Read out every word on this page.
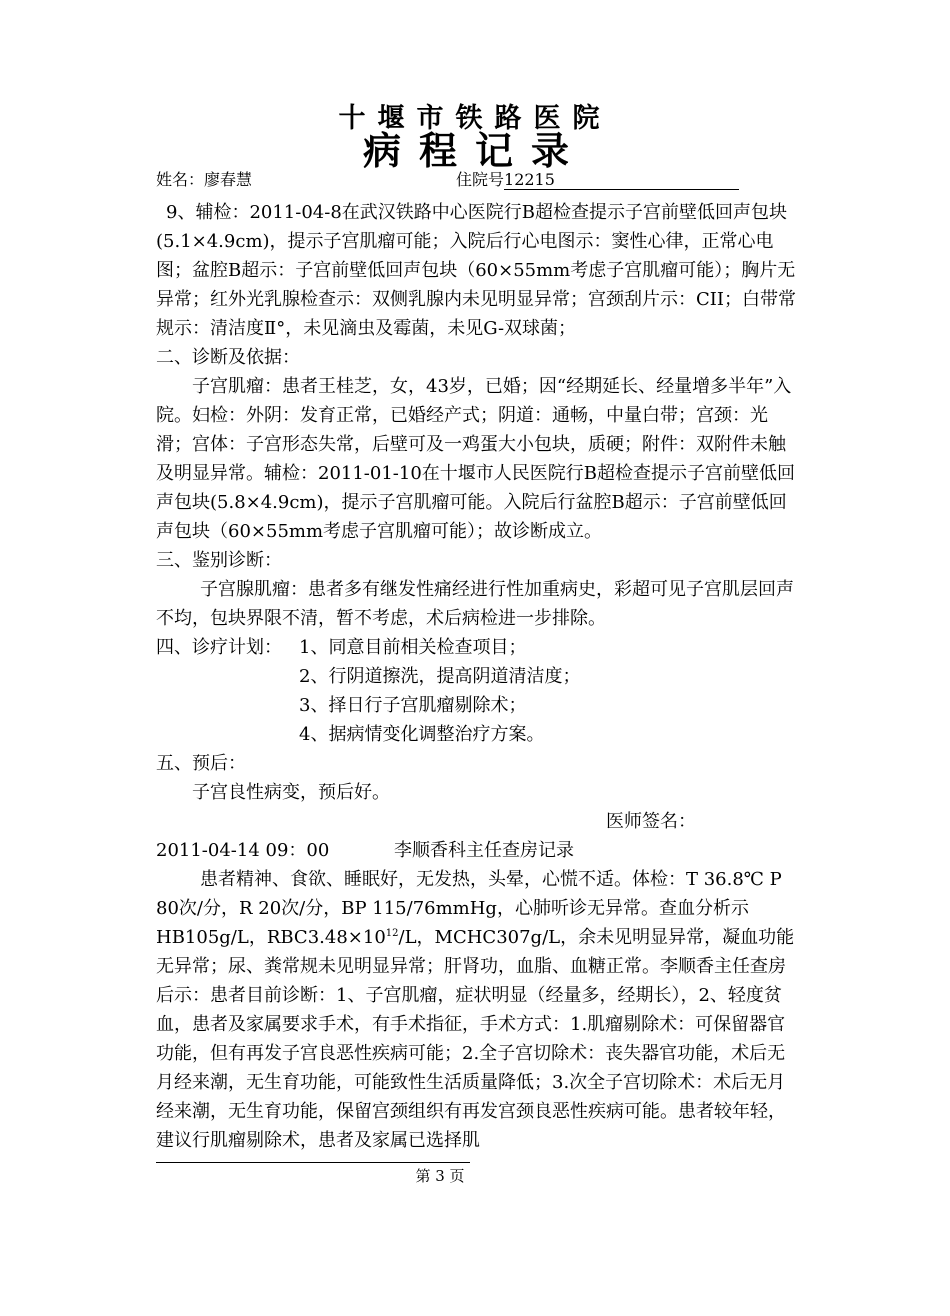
十堰市铁路医院
病程记录
姓名：廖春慧	住院号12215

9、辅检：2011-04-8在武汉铁路中心医院行B超检查提示子宫前壁低回声包块(5.1×4.9cm)，提示子宫肌瘤可能；入院后行心电图示：窦性心律，正常心电图；盆腔B超示：子宫前壁低回声包块（60×55mm考虑子宫肌瘤可能）；胸片无异常；红外光乳腺检查示：双侧乳腺内未见明显异常；宫颈刮片示：CII；白带常规示：清洁度Ⅱ°，未见滴虫及霉菌，未见G-双球菌；

二、诊断及依据：

子宫肌瘤：患者王桂芝，女，43岁，已婚；因“经期延长、经量增多半年”入院。妇检：外阴：发育正常，已婚经产式；阴道：通畅，中量白带；宫颈：光滑；宫体：子宫形态失常，后壁可及一鸡蛋大小包块，质硬；附件：双附件未触及明显异常。辅检：2011-01-10在十堰市人民医院行B超检查提示子宫前壁低回声包块(5.8×4.9cm)，提示子宫肌瘤可能。入院后行盆腔B超示：子宫前壁低回声包块（60×55mm考虑子宫肌瘤可能）；故诊断成立。

三、鉴别诊断：

子宫腺肌瘤：患者多有继发性痛经进行性加重病史，彩超可见子宫肌层回声不均，包块界限不清，暂不考虑，术后病检进一步排除。

四、诊疗计划： 1、同意目前相关检查项目；
2、行阴道擦洗，提高阴道清洁度；
3、择日行子宫肌瘤剔除术；
4、据病情变化调整治疗方案。

五、预后：

子宫良性病变，预后好。

医师签名：

2011-04-14 09：00	李顺香科主任查房记录

患者精神、食欲、睡眠好，无发热，头晕，心慌不适。体检：T 36.8℃ P 80次/分，R 20次/分，BP 115/76mmHg，心肺听诊无异常。查血分析示HB105g/L，$RBC3.48\times 10^{12}/L$，MCHC307g/L，余未见明显异常，凝血功能无异常；尿、粪常规未见明显异常；肝肾功，血脂、血糖正常。李顺香主任查房后示：患者目前诊断：1、子宫肌瘤，症状明显（经量多，经期长），2、轻度贫血，患者及家属要求手术，有手术指征，手术方式：1.肌瘤剔除术：可保留器官功能，但有再发子宫良恶性疾病可能；2.全子宫切除术：丧失器官功能，术后无月经来潮，无生育功能，可能致性生活质量降低；3.次全子宫切除术：术后无月经来潮，无生育功能，保留宫颈组织有再发宫颈良恶性疾病可能。患者较年轻，建议行肌瘤剔除术，患者及家属已选择肌

第 3 页
